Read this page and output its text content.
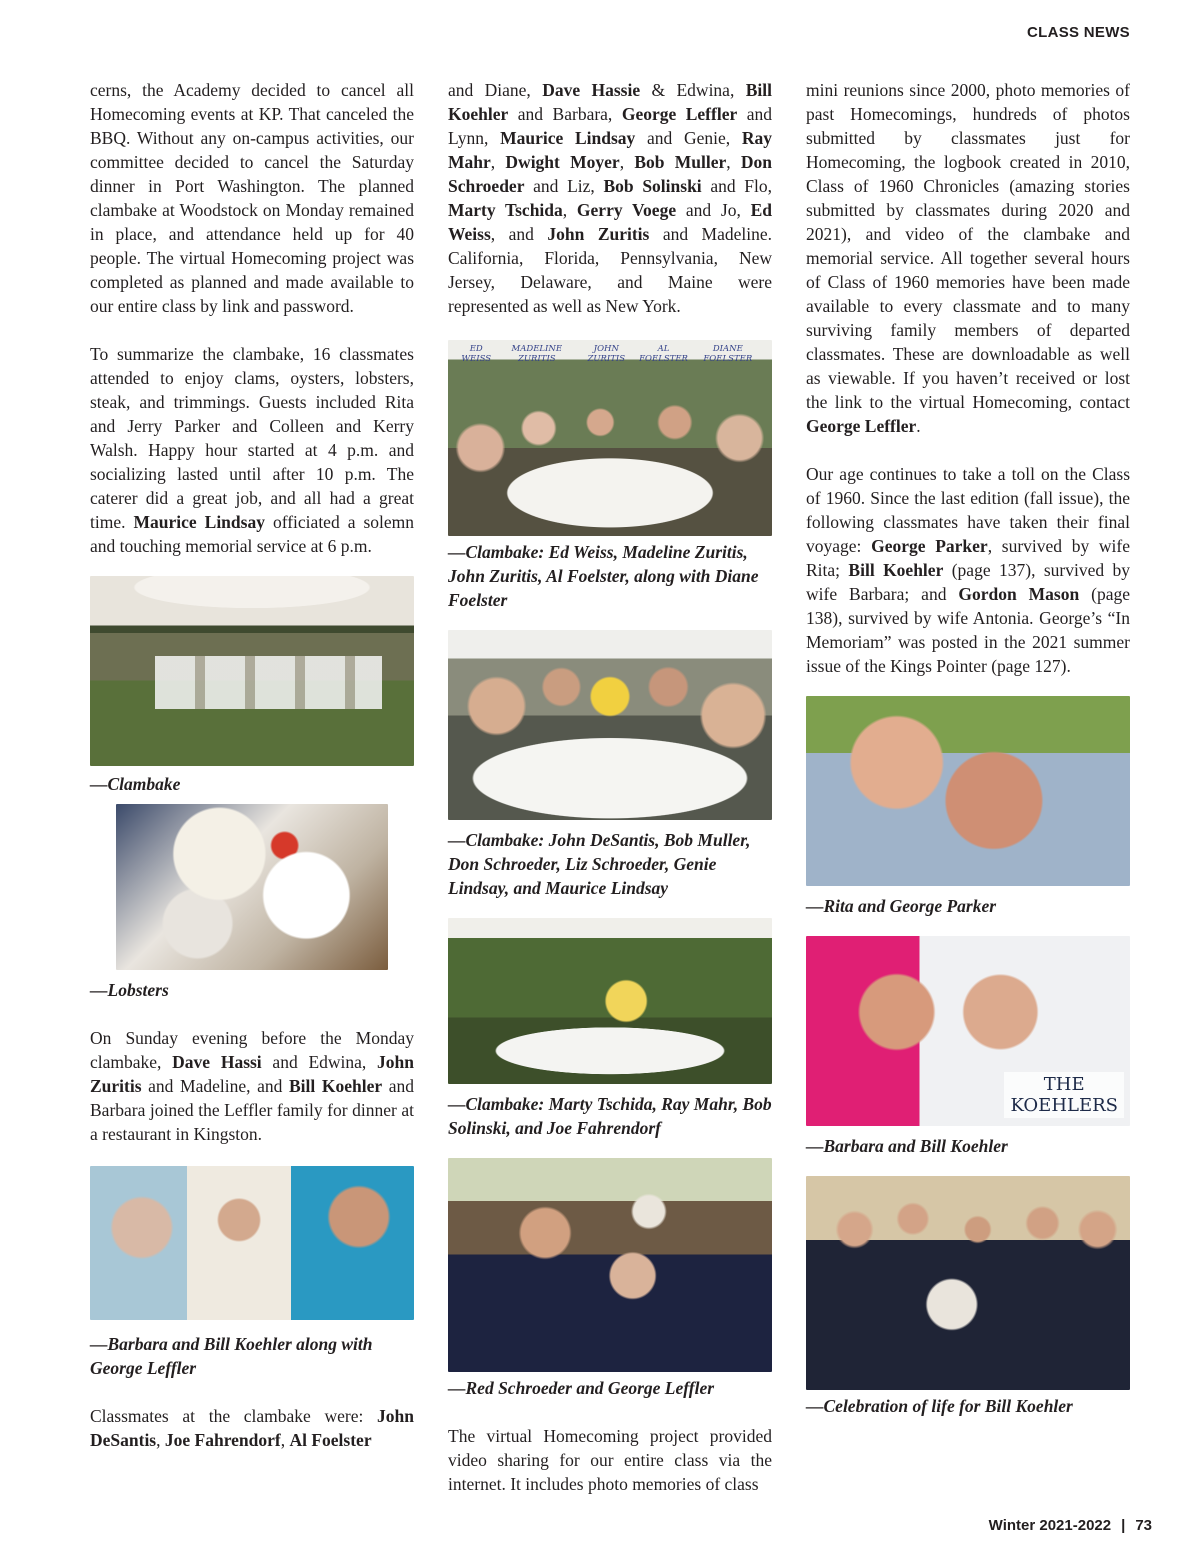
CLASS NEWS

cerns, the Academy decided to cancel all Homecoming events at KP. That canceled the BBQ. Without any on-campus activities, our committee decided to cancel the Saturday dinner in Port Washington. The planned clambake at Woodstock on Monday remained in place, and attendance held up for 40 people. The virtual Homecoming project was completed as planned and made available to our entire class by link and password.

To summarize the clambake, 16 classmates attended to enjoy clams, oysters, lobsters, steak, and trimmings. Guests included Rita and Jerry Parker and Colleen and Kerry Walsh. Happy hour started at 4 p.m. and socializing lasted until after 10 p.m. The caterer did a great job, and all had a great time. Maurice Lindsay officiated a solemn and touching memorial service at 6 p.m.

—Clambake

—Lobsters

On Sunday evening before the Monday clambake, Dave Hassi and Edwina, John Zuritis and Madeline, and Bill Koehler and Barbara joined the Leffler family for dinner at a restaurant in Kingston.

—Barbara and Bill Koehler along with George Leffler

Classmates at the clambake were: John DeSantis, Joe Fahrendorf, Al Foelster

and Diane, Dave Hassie & Edwina, Bill Koehler and Barbara, George Leffler and Lynn, Maurice Lindsay and Genie, Ray Mahr, Dwight Moyer, Bob Muller, Don Schroeder and Liz, Bob Solinski and Flo, Marty Tschida, Gerry Voege and Jo, Ed Weiss, and John Zuritis and Madeline. California, Florida, Pennsylvania, New Jersey, Delaware, and Maine were represented as well as New York.

ED WEISS
MADELINE ZURITIS
JOHN ZURITIS
AL FOELSTER
DIANE FOELSTER

—Clambake: Ed Weiss, Madeline Zuritis, John Zuritis, Al Foelster, along with Diane Foelster

—Clambake: John DeSantis, Bob Muller, Don Schroeder, Liz Schroeder, Genie Lindsay, and Maurice Lindsay

—Clambake: Marty Tschida, Ray Mahr, Bob Solinski, and Joe Fahrendorf

—Red Schroeder and George Leffler

The virtual Homecoming project provided video sharing for our entire class via the internet. It includes photo memories of class

mini reunions since 2000, photo memories of past Homecomings, hundreds of photos submitted by classmates just for Homecoming, the logbook created in 2010, Class of 1960 Chronicles (amazing stories submitted by classmates during 2020 and 2021), and video of the clambake and memorial service. All together several hours of Class of 1960 memories have been made available to every classmate and to many surviving family members of departed classmates. These are downloadable as well as viewable. If you haven’t received or lost the link to the virtual Homecoming, contact George Leffler.

Our age continues to take a toll on the Class of 1960. Since the last edition (fall issue), the following classmates have taken their final voyage: George Parker, survived by wife Rita; Bill Koehler (page 137), survived by wife Barbara; and Gordon Mason (page 138), survived by wife Antonia. George’s “In Memoriam” was posted in the 2021 summer issue of the Kings Pointer (page 127).

—Rita and George Parker

THE
KOEHLERS

—Barbara and Bill Koehler

—Celebration of life for Bill Koehler

Winter 2021-2022 | 73
